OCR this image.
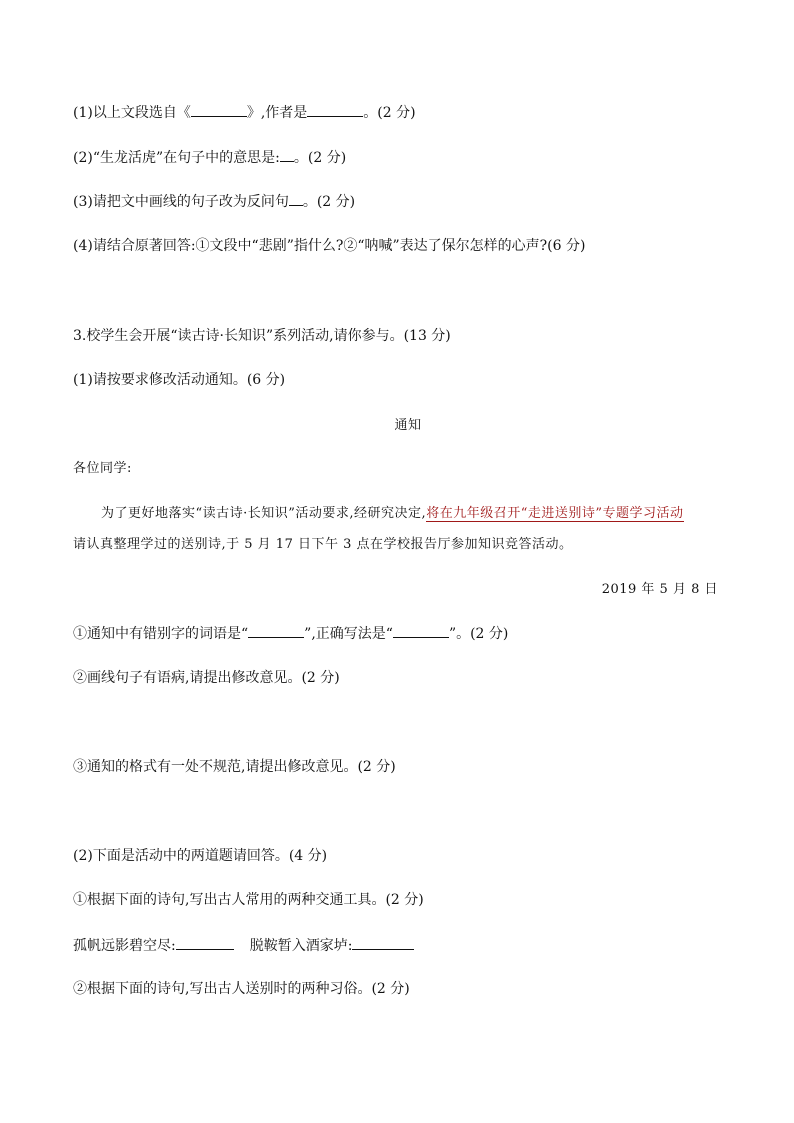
(1)以上文段选自《	》,作者是	。(2 分)
(2)“生龙活虎”在句子中的意思是: 。(2 分)
(3)请把文中画线的句子改为反问句 。(2 分)
(4)请结合原著回答:①文段中“悲剧”指什么?②“呐喊”表达了保尔怎样的心声?(6 分)
3.校学生会开展“读古诗·长知识”系列活动,请你参与。(13 分)
(1)请按要求修改活动通知。(6 分)
通知
各位同学:
为了更好地落实“读古诗·长知识”活动要求,经研究决定,将在九年级召开“走进送别诗”专题学习活动
请认真整理学过的送别诗,于 5 月 17 日下午 3 点在学校报告厅参加知识竞答活动。
2019 年 5 月 8 日
①通知中有错别字的词语是“	”,正确写法是“	”。(2 分)
②画线句子有语病,请提出修改意见。(2 分)
③通知的格式有一处不规范,请提出修改意见。(2 分)
(2)下面是活动中的两道题请回答。(4 分)
①根据下面的诗句,写出古人常用的两种交通工具。(2 分)
孤帆远影碧空尽:	脱鞍暂入酒家垆:
②根据下面的诗句,写出古人送别时的两种习俗。(2 分)
